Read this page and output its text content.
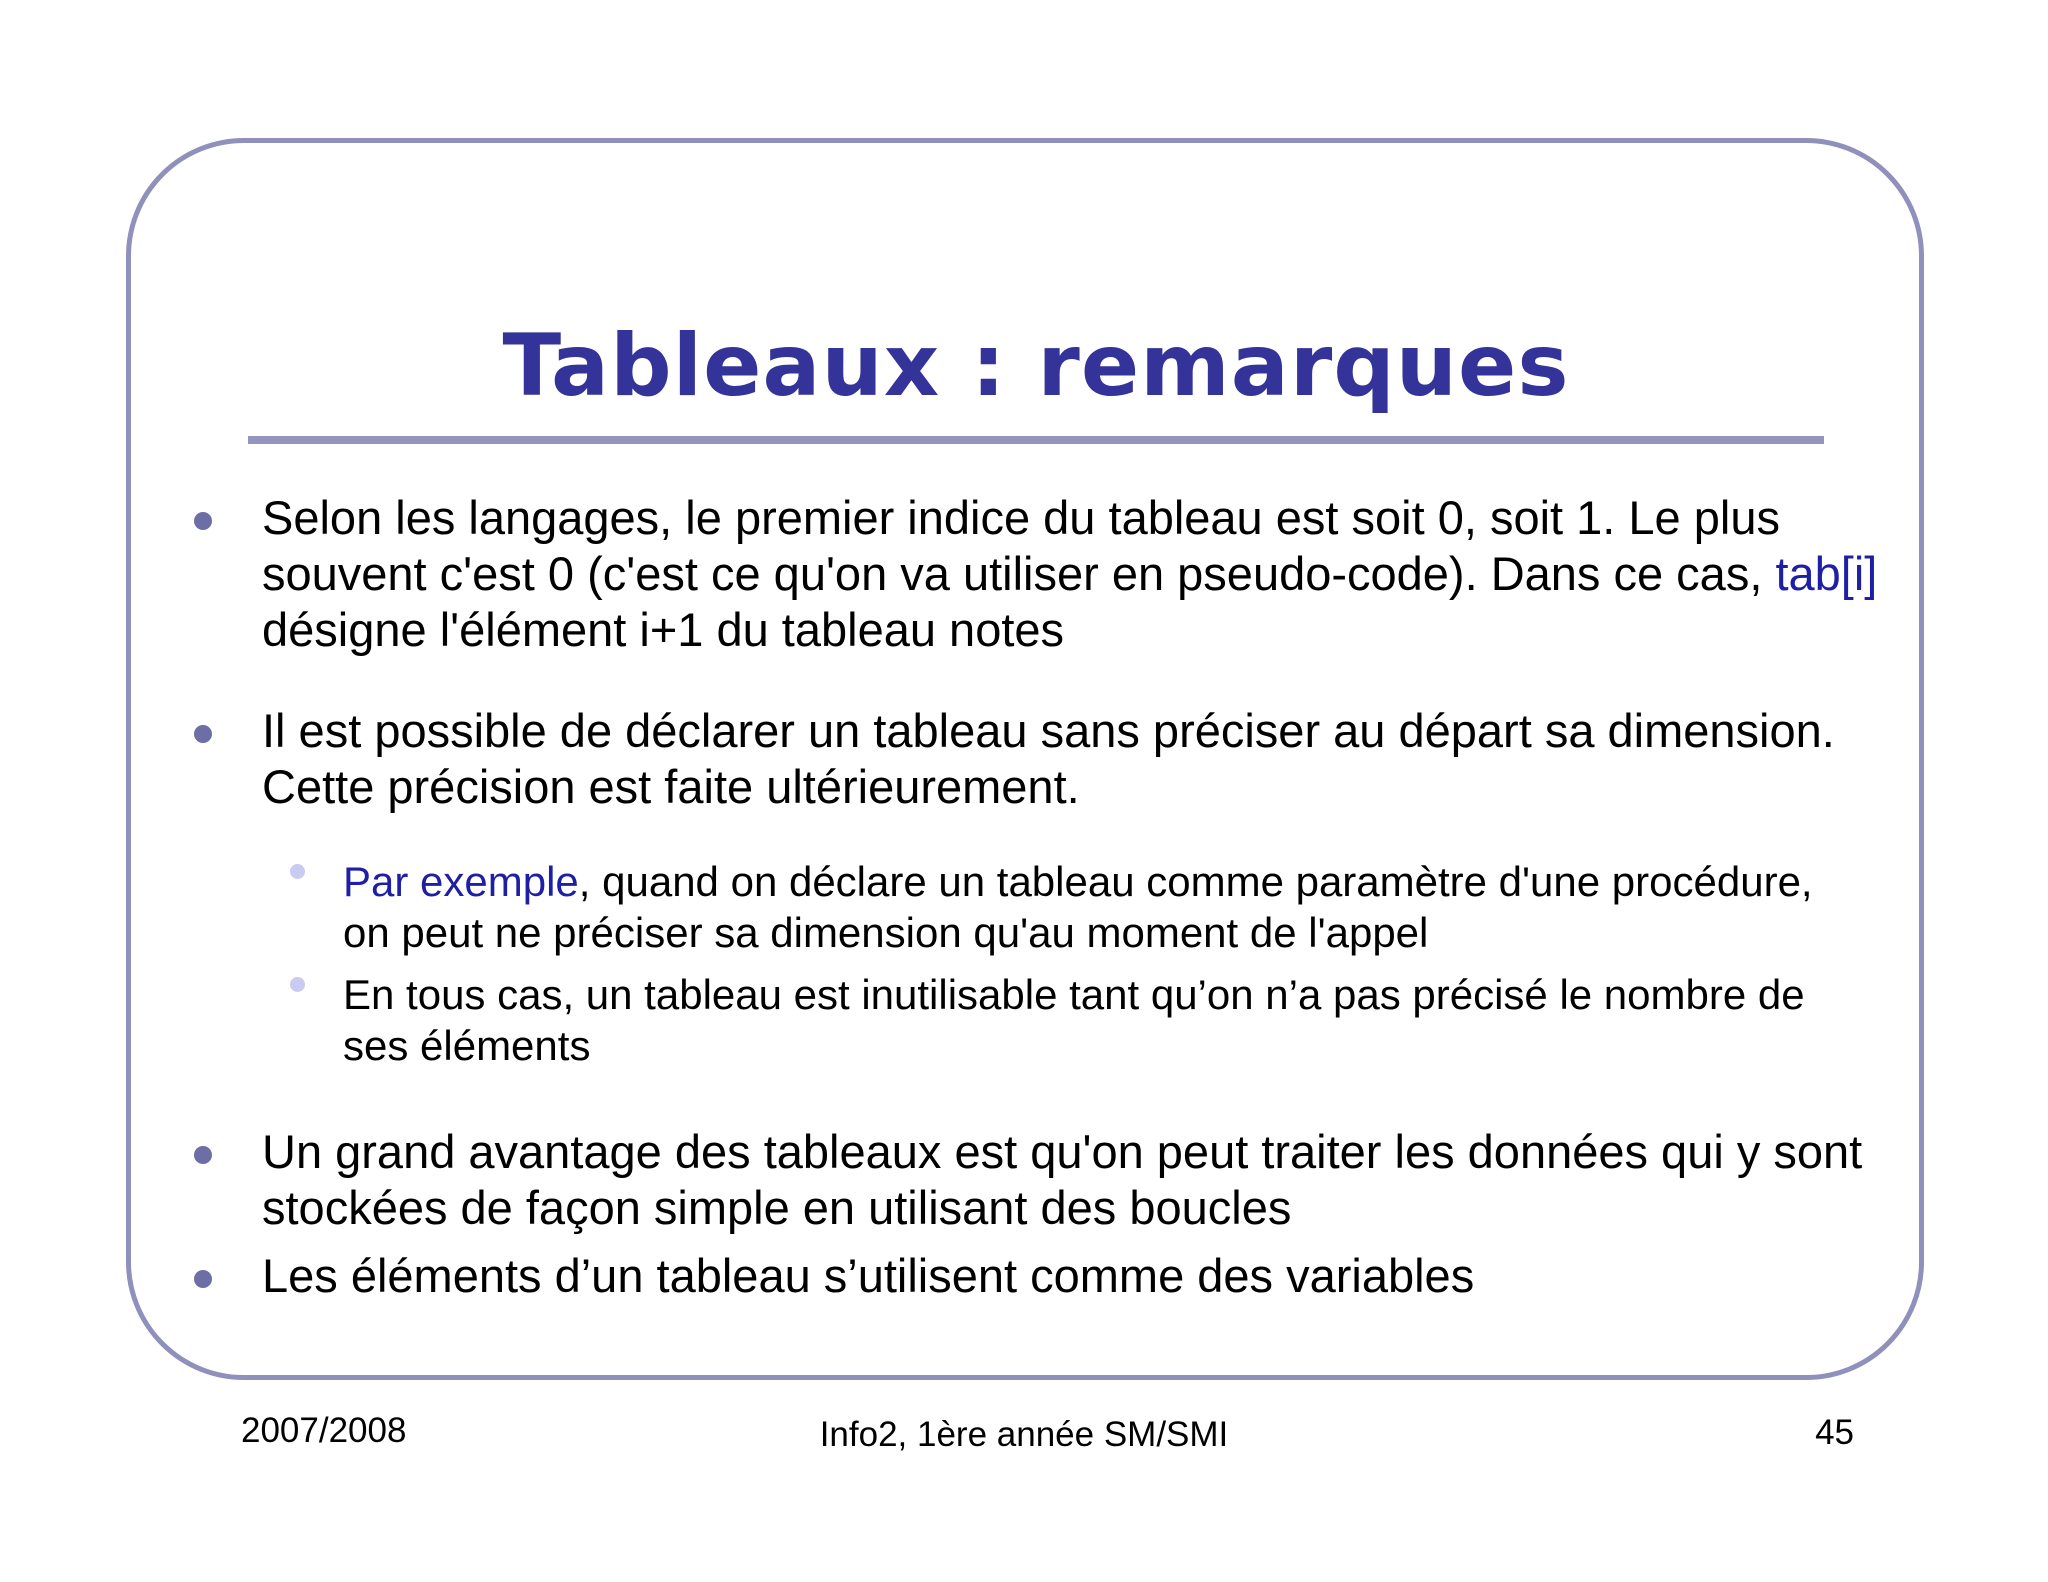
Tableaux : remarques
Selon les langages, le premier indice du tableau est soit 0, soit 1. Le plus souvent c'est 0 (c'est ce qu'on va utiliser en pseudo-code). Dans ce cas, tab[i] désigne l'élément i+1 du tableau notes
Il est possible de déclarer un tableau sans préciser au départ sa dimension. Cette précision est faite ultérieurement.
Par exemple, quand on déclare un tableau comme paramètre d'une procédure, on peut ne préciser sa dimension qu'au moment de l'appel
En tous cas, un tableau est inutilisable tant qu’on n’a pas précisé le nombre de ses éléments
Un grand avantage des tableaux est qu'on peut traiter les données qui y sont stockées de façon simple en utilisant des boucles
Les éléments d’un tableau s’utilisent comme des variables
2007/2008	Info2, 1ère année SM/SMI	45
